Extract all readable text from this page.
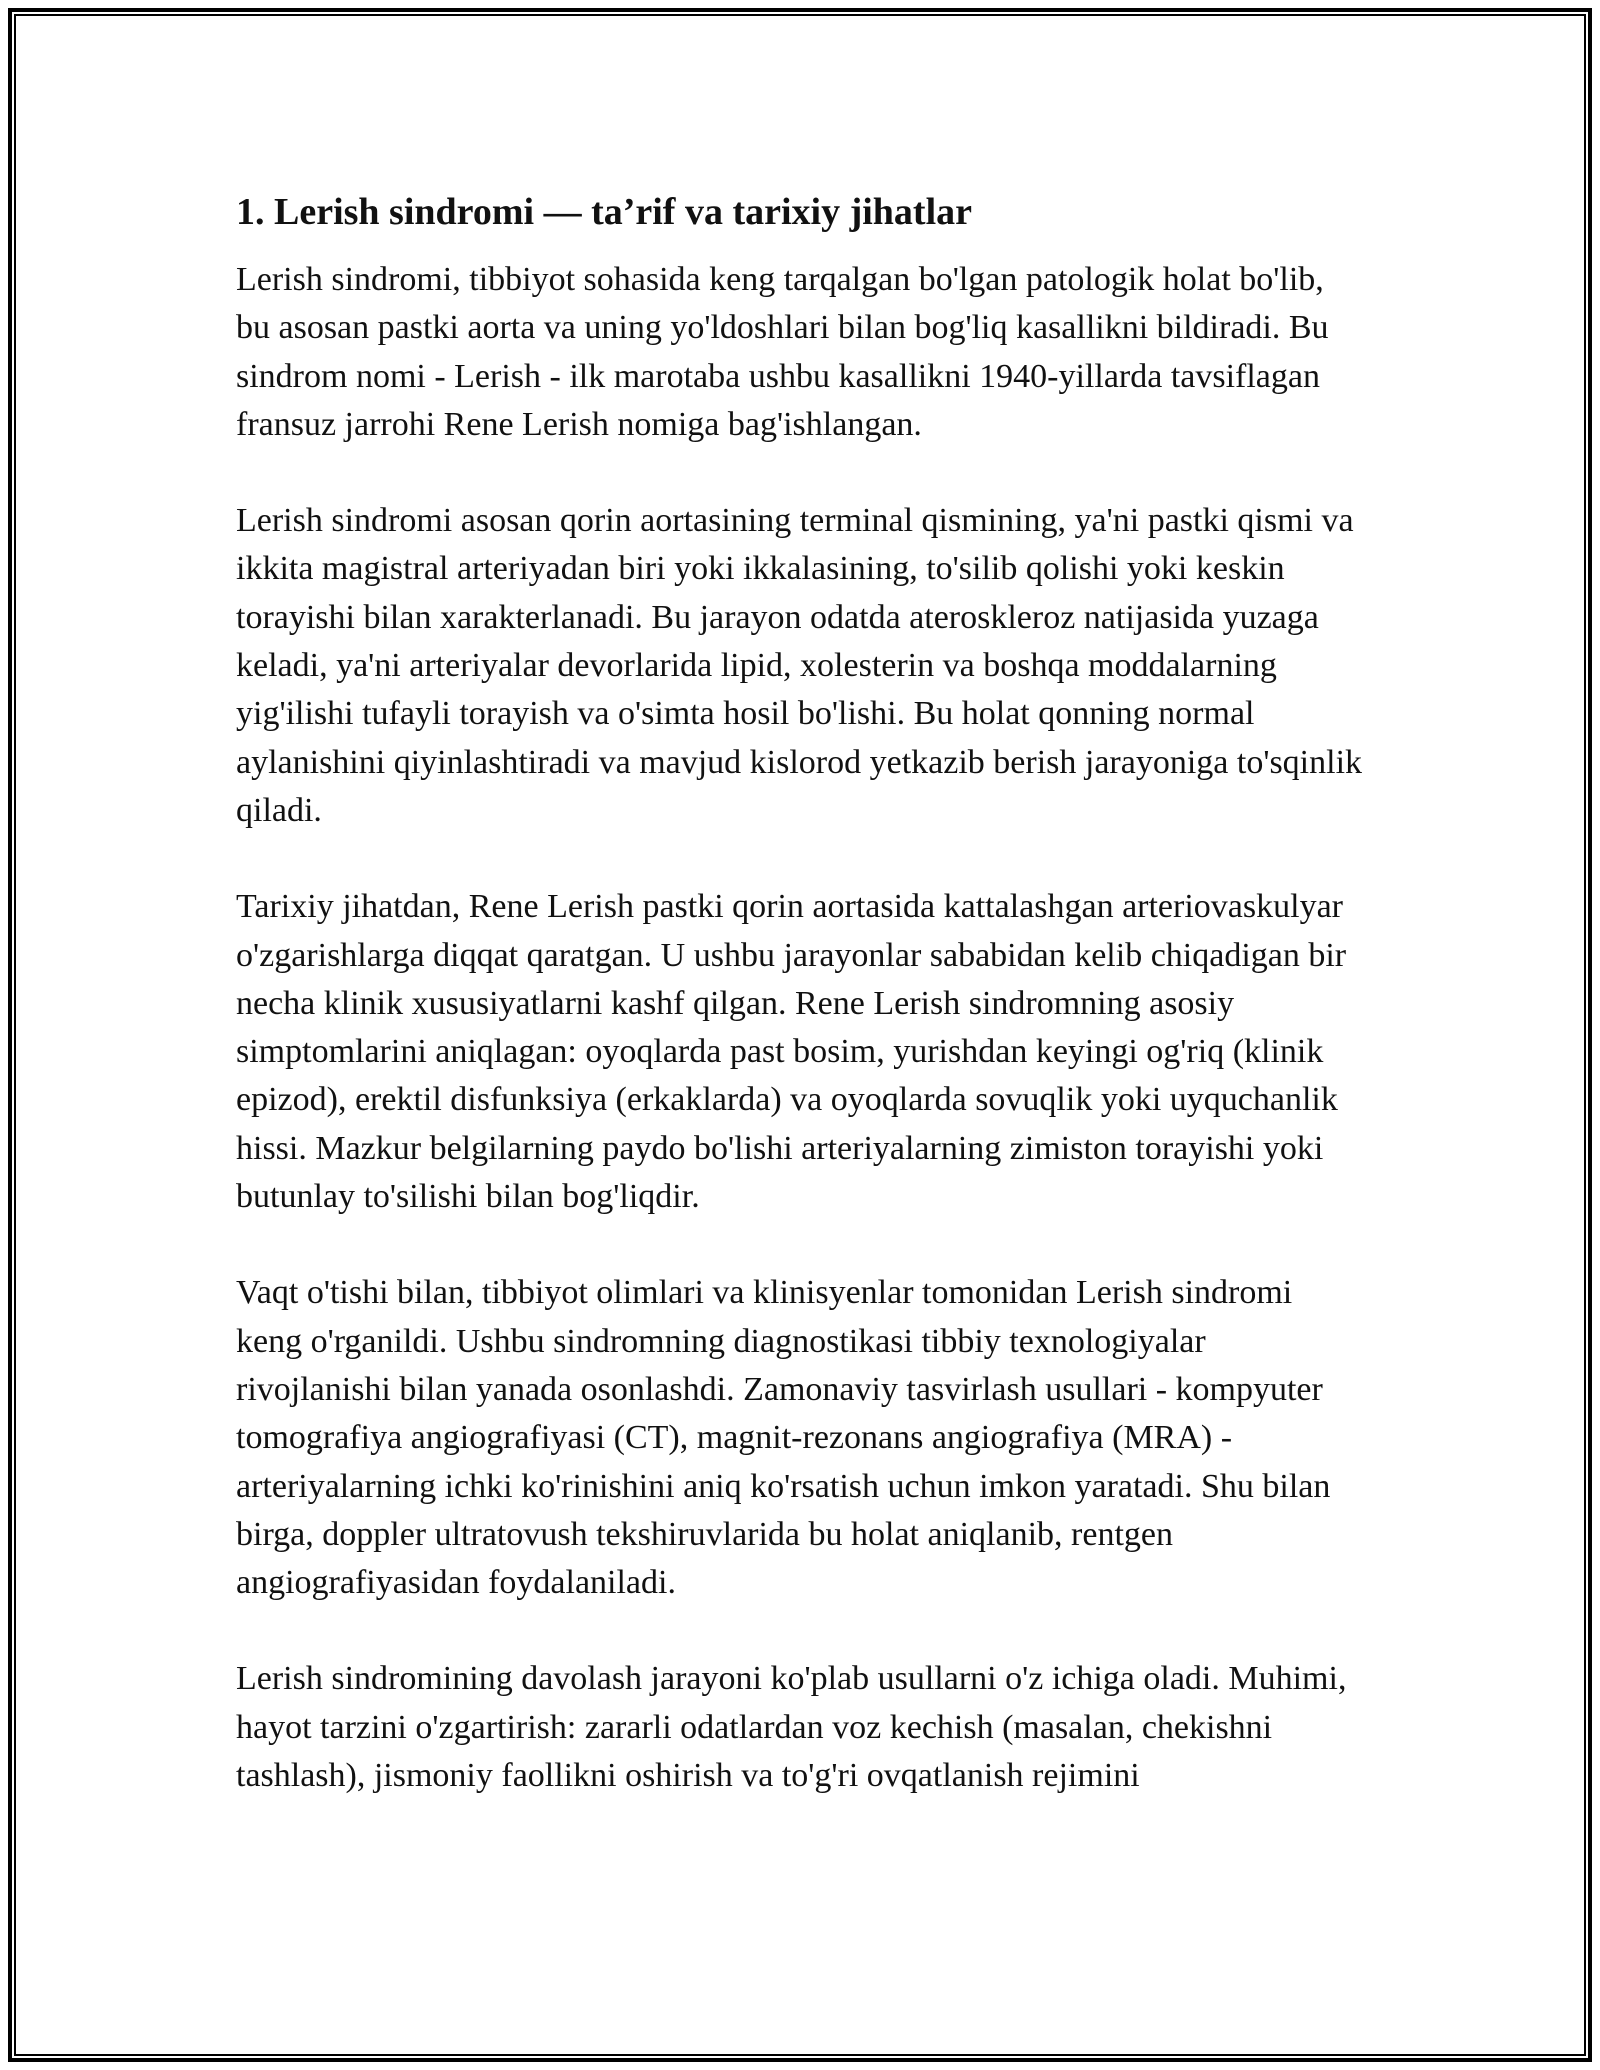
1. Lerish sindromi — ta’rif va tarixiy jihatlar

Lerish sindromi, tibbiyot sohasida keng tarqalgan bo'lgan patologik holat bo'lib, bu asosan pastki aorta va uning yo'ldoshlari bilan bog'liq kasallikni bildiradi. Bu sindrom nomi - Lerish - ilk marotaba ushbu kasallikni 1940-yillarda tavsiflagan fransuz jarrohi Rene Lerish nomiga bag'ishlangan.

Lerish sindromi asosan qorin aortasining terminal qismining, ya'ni pastki qismi va ikkita magistral arteriyadan biri yoki ikkalasining, to'silib qolishi yoki keskin torayishi bilan xarakterlanadi. Bu jarayon odatda ateroskleroz natijasida yuzaga keladi, ya'ni arteriyalar devorlarida lipid, xolesterin va boshqa moddalarning yig'ilishi tufayli torayish va o'simta hosil bo'lishi. Bu holat qonning normal aylanishini qiyinlashtiradi va mavjud kislorod yetkazib berish jarayoniga to'sqinlik qiladi.

Tarixiy jihatdan, Rene Lerish pastki qorin aortasida kattalashgan arteriovaskulyar o'zgarishlarga diqqat qaratgan. U ushbu jarayonlar sababidan kelib chiqadigan bir necha klinik xususiyatlarni kashf qilgan. Rene Lerish sindromning asosiy simptomlarini aniqlagan: oyoqlarda past bosim, yurishdan keyingi og'riq (klinik epizod), erektil disfunksiya (erkaklarda) va oyoqlarda sovuqlik yoki uyquchanlik hissi. Mazkur belgilarning paydo bo'lishi arteriyalarning zimiston torayishi yoki butunlay to'silishi bilan bog'liqdir.

Vaqt o'tishi bilan, tibbiyot olimlari va klinisyenlar tomonidan Lerish sindromi keng o'rganildi. Ushbu sindromning diagnostikasi tibbiy texnologiyalar rivojlanishi bilan yanada osonlashdi. Zamonaviy tasvirlash usullari - kompyuter tomografiya angiografiyasi (CT), magnit-rezonans angiografiya (MRA) - arteriyalarning ichki ko'rinishini aniq ko'rsatish uchun imkon yaratadi. Shu bilan birga, doppler ultratovush tekshiruvlarida bu holat aniqlanib, rentgen angiografiyasidan foydalaniladi.

Lerish sindromining davolash jarayoni ko'plab usullarni o'z ichiga oladi. Muhimi, hayot tarzini o'zgartirish: zararli odatlardan voz kechish (masalan, chekishni tashlash), jismoniy faollikni oshirish va to'g'ri ovqatlanish rejimini
